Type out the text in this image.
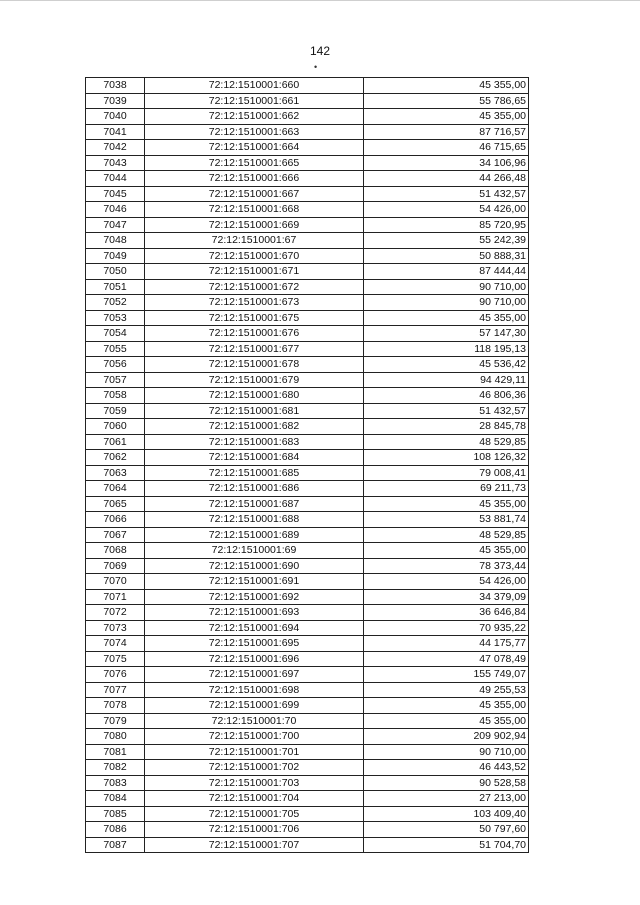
142
•
7038	72:12:1510001:660	45 355,00
7039	72:12:1510001:661	55 786,65
7040	72:12:1510001:662	45 355,00
7041	72:12:1510001:663	87 716,57
7042	72:12:1510001:664	46 715,65
7043	72:12:1510001:665	34 106,96
7044	72:12:1510001:666	44 266,48
7045	72:12:1510001:667	51 432,57
7046	72:12:1510001:668	54 426,00
7047	72:12:1510001:669	85 720,95
7048	72:12:1510001:67	55 242,39
7049	72:12:1510001:670	50 888,31
7050	72:12:1510001:671	87 444,44
7051	72:12:1510001:672	90 710,00
7052	72:12:1510001:673	90 710,00
7053	72:12:1510001:675	45 355,00
7054	72:12:1510001:676	57 147,30
7055	72:12:1510001:677	118 195,13
7056	72:12:1510001:678	45 536,42
7057	72:12:1510001:679	94 429,11
7058	72:12:1510001:680	46 806,36
7059	72:12:1510001:681	51 432,57
7060	72:12:1510001:682	28 845,78
7061	72:12:1510001:683	48 529,85
7062	72:12:1510001:684	108 126,32
7063	72:12:1510001:685	79 008,41
7064	72:12:1510001:686	69 211,73
7065	72:12:1510001:687	45 355,00
7066	72:12:1510001:688	53 881,74
7067	72:12:1510001:689	48 529,85
7068	72:12:1510001:69	45 355,00
7069	72:12:1510001:690	78 373,44
7070	72:12:1510001:691	54 426,00
7071	72:12:1510001:692	34 379,09
7072	72:12:1510001:693	36 646,84
7073	72:12:1510001:694	70 935,22
7074	72:12:1510001:695	44 175,77
7075	72:12:1510001:696	47 078,49
7076	72:12:1510001:697	155 749,07
7077	72:12:1510001:698	49 255,53
7078	72:12:1510001:699	45 355,00
7079	72:12:1510001:70	45 355,00
7080	72:12:1510001:700	209 902,94
7081	72:12:1510001:701	90 710,00
7082	72:12:1510001:702	46 443,52
7083	72:12:1510001:703	90 528,58
7084	72:12:1510001:704	27 213,00
7085	72:12:1510001:705	103 409,40
7086	72:12:1510001:706	50 797,60
7087	72:12:1510001:707	51 704,70
